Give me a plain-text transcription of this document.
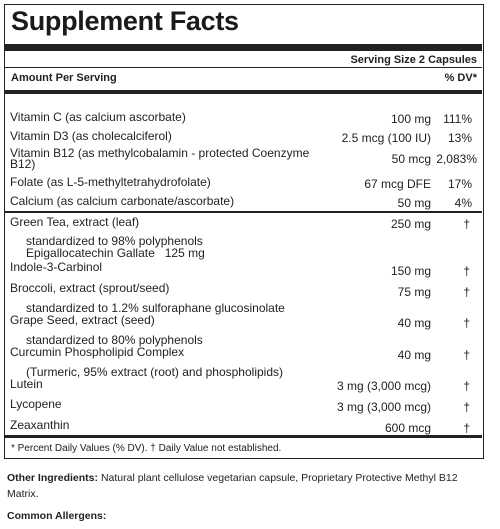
Supplement Facts
Serving Size 2 Capsules
Amount Per Serving	% DV*
Vitamin C (as calcium ascorbate)	100 mg 111%
Vitamin D3 (as cholecalciferol)	2.5 mcg (100 IU) 13%
Vitamin B12 (as methylcobalamin - protected Coenzyme B12)	50 mcg 2,083%
Folate (as L-5-methyltetrahydrofolate)	67 mcg DFE 17%
Calcium (as calcium carbonate/ascorbate)	50 mg 4%
Green Tea, extract (leaf)	250 mg	†
standardized to 98% polyphenols
Epigallocatechin Gallate   125 mg
Indole-3-Carbinol	150 mg	†
Broccoli, extract (sprout/seed)	75 mg	†
standardized to 1.2% sulforaphane glucosinolate
Grape Seed, extract (seed)	40 mg	†
standardized to 80% polyphenols
Curcumin Phospholipid Complex	40 mg	†
(Turmeric, 95% extract (root) and phospholipids)
Lutein	3 mg (3,000 mcg)	†
Lycopene	3 mg (3,000 mcg)	†
Zeaxanthin	600 mcg	†
* Percent Daily Values (% DV). † Daily Value not established.
Other Ingredients: Natural plant cellulose vegetarian capsule, Proprietary Protective Methyl B12 Matrix.
Common Allergens:
